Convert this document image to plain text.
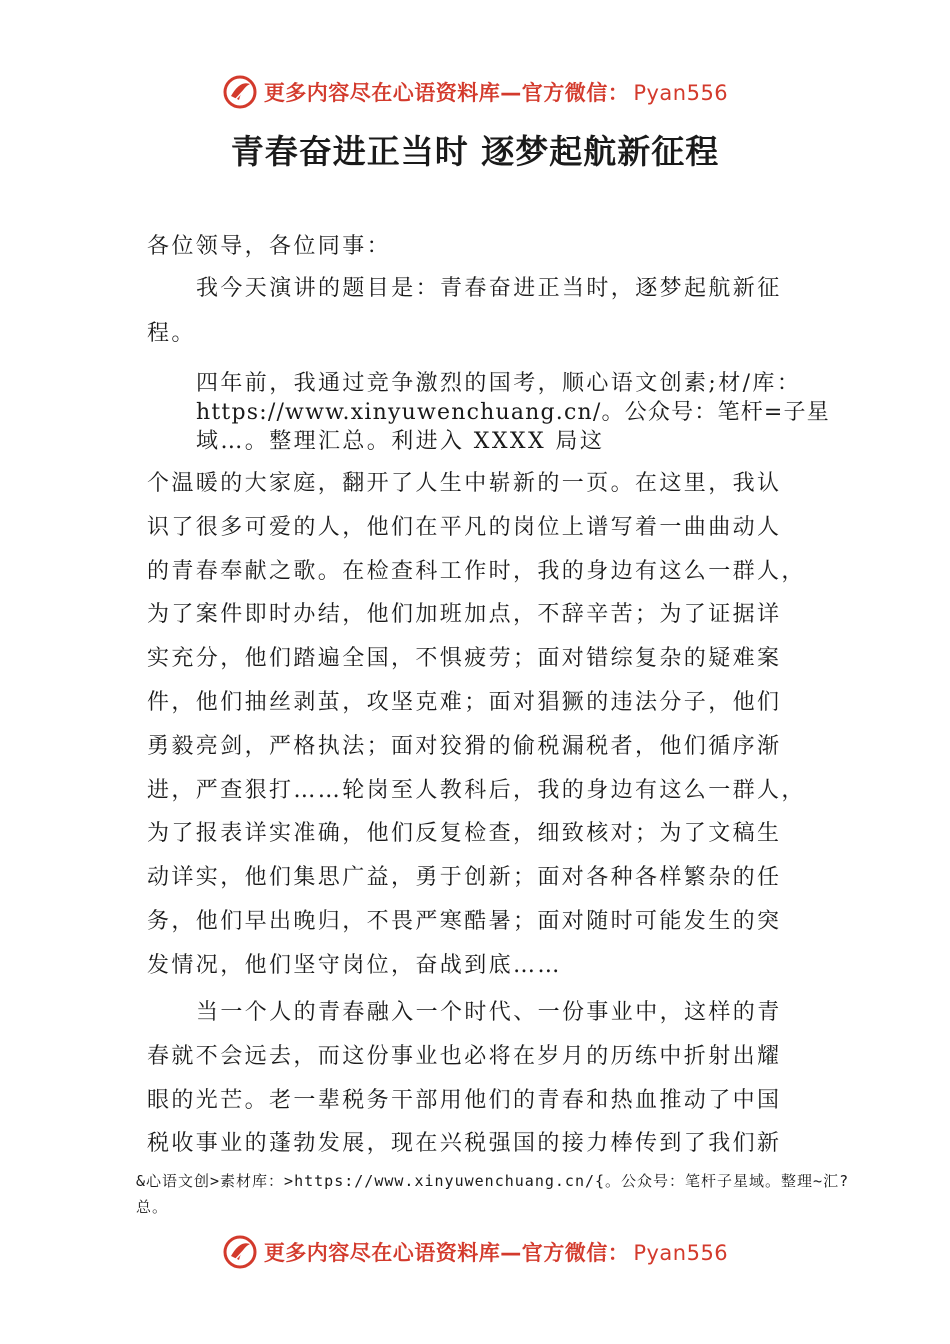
更多内容尽在心语资料库—官方微信： Pyan556
青春奋进正当时 逐梦起航新征程
各位领导，各位同事：
我今天演讲的题目是：青春奋进正当时，逐梦起航新征
程。
四年前，我通过竞争激烈的国考，顺心语文创素;材/库：
https://www.xinyuwenchuang.cn/。公众号：笔杆=子星
域…。整理汇总。利进入 XXXX 局这
个温暖的大家庭，翻开了人生中崭新的一页。在这里，我认
识了很多可爱的人，他们在平凡的岗位上谱写着一曲曲动人
的青春奉献之歌。在检查科工作时，我的身边有这么一群人，
为了案件即时办结，他们加班加点，不辞辛苦；为了证据详
实充分，他们踏遍全国，不惧疲劳；面对错综复杂的疑难案
件，他们抽丝剥茧，攻坚克难；面对猖獗的违法分子，他们
勇毅亮剑，严格执法；面对狡猾的偷税漏税者，他们循序渐
进，严查狠打……轮岗至人教科后，我的身边有这么一群人，
为了报表详实准确，他们反复检查，细致核对；为了文稿生
动详实，他们集思广益，勇于创新；面对各种各样繁杂的任
务，他们早出晚归，不畏严寒酷暑；面对随时可能发生的突
发情况，他们坚守岗位，奋战到底……
当一个人的青春融入一个时代、一份事业中，这样的青
春就不会远去，而这份事业也必将在岁月的历练中折射出耀
眼的光芒。老一辈税务干部用他们的青春和热血推动了中国
税收事业的蓬勃发展，现在兴税强国的接力棒传到了我们新
&心语文创>素材库：>https://www.xinyuwenchuang.cn/{。公众号：笔杆子星域。整理~汇?
总。
更多内容尽在心语资料库—官方微信： Pyan556
